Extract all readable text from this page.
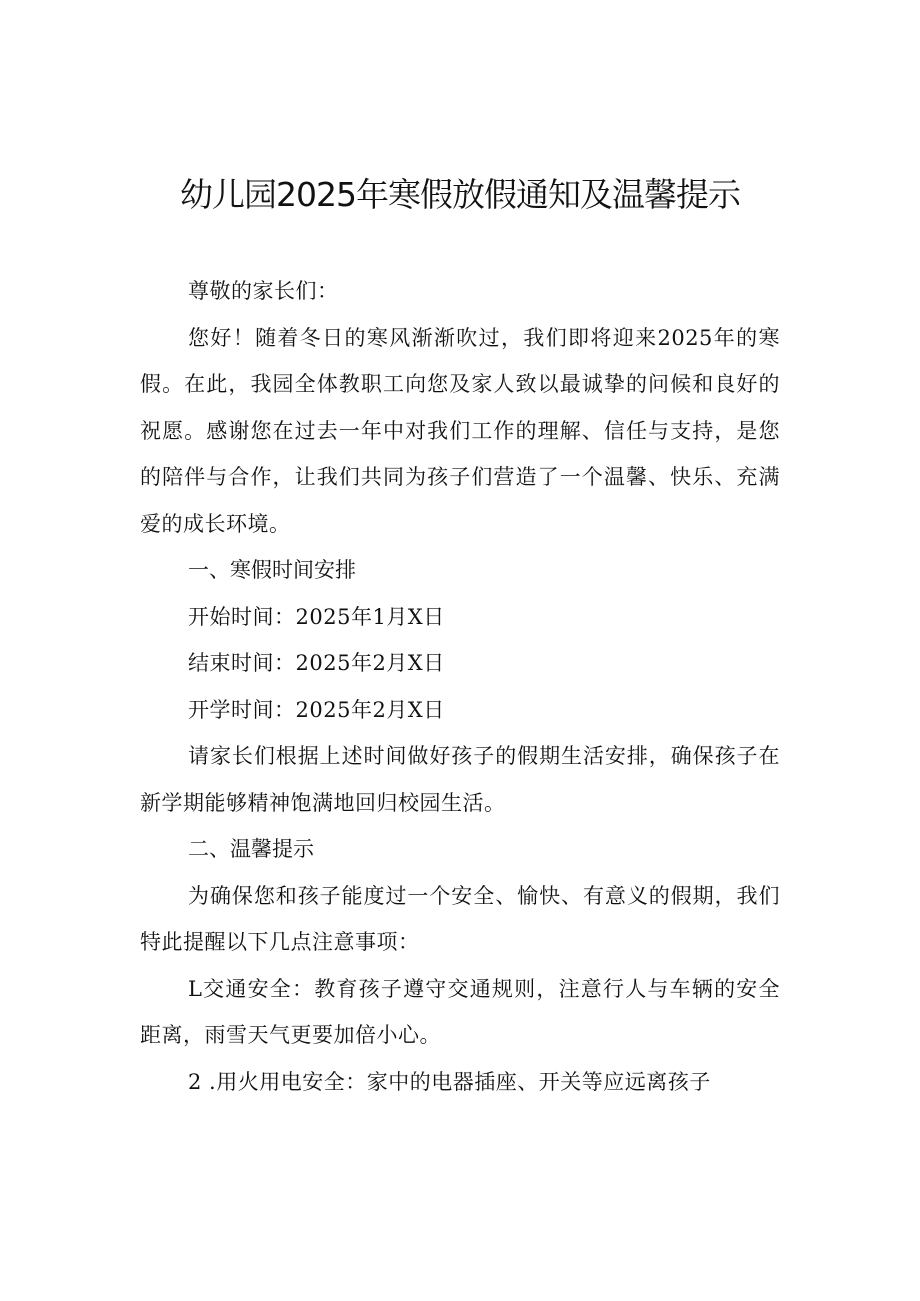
幼儿园2025年寒假放假通知及温馨提示

尊敬的家长们：

您好！随着冬日的寒风渐渐吹过，我们即将迎来2025年的寒假。在此，我园全体教职工向您及家人致以最诚挚的问候和良好的祝愿。感谢您在过去一年中对我们工作的理解、信任与支持，是您的陪伴与合作，让我们共同为孩子们营造了一个温馨、快乐、充满爱的成长环境。

一、寒假时间安排

开始时间：2025年1月X日

结束时间：2025年2月X日

开学时间：2025年2月X日

请家长们根据上述时间做好孩子的假期生活安排，确保孩子在新学期能够精神饱满地回归校园生活。

二、温馨提示

为确保您和孩子能度过一个安全、愉快、有意义的假期，我们特此提醒以下几点注意事项：

L交通安全：教育孩子遵守交通规则，注意行人与车辆的安全距离，雨雪天气更要加倍小心。

2 .用火用电安全：家中的电器插座、开关等应远离孩子
